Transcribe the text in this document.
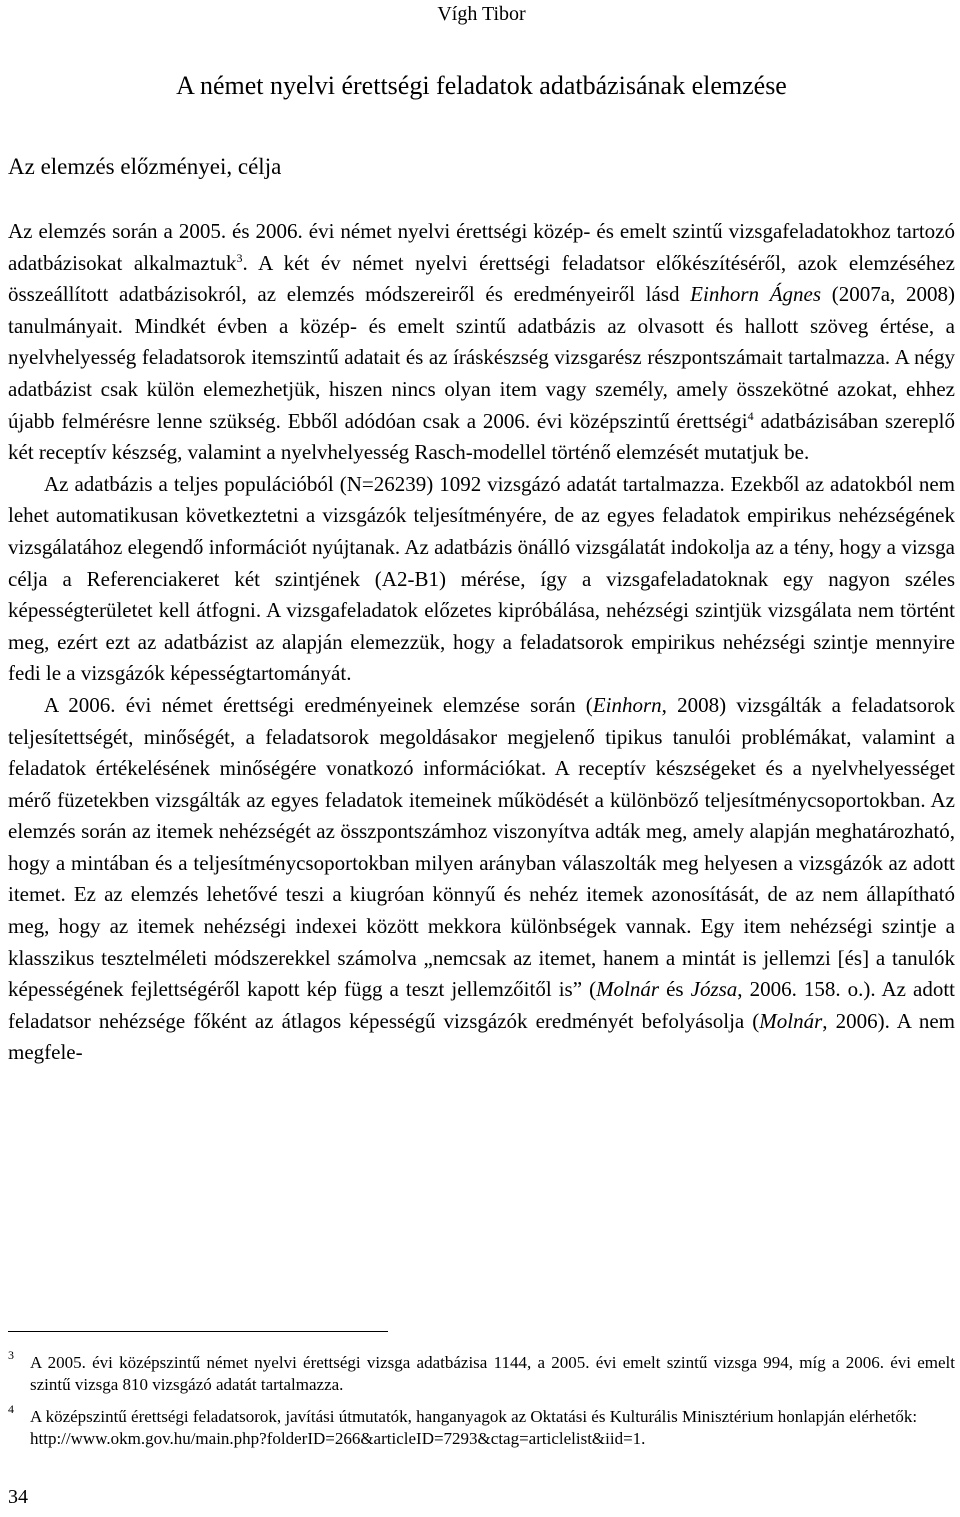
Vígh Tibor
A német nyelvi érettségi feladatok adatbázisának elemzése
Az elemzés előzményei, célja

Az elemzés során a 2005. és 2006. évi német nyelvi érettségi közép- és emelt szintű vizsgafeladatokhoz tartozó adatbázisokat alkalmaztuk$^3$. A két év német nyelvi érettségi feladatsor előkészítéséről, azok elemzéséhez összeállított adatbázisokról, az elemzés módszereiről és eredményeiről lásd Einhorn Ágnes (2007a, 2008) tanulmányait. Mindkét évben a közép- és emelt szintű adatbázis az olvasott és hallott szöveg értése, a nyelvhelyesség feladatsorok itemszintű adatait és az íráskészség vizsgarész részpontszámait tartalmazza. A négy adatbázist csak külön elemezhetjük, hiszen nincs olyan item vagy személy, amely összekötné azokat, ehhez újabb felmérésre lenne szükség. Ebből adódóan csak a 2006. évi középszintű érettségi$^4$ adatbázisában szereplő két receptív készség, valamint a nyelvhelyesség Rasch-modellel történő elemzését mutatjuk be.

Az adatbázis a teljes populációból (N=26239) 1092 vizsgázó adatát tartalmazza. Ezekből az adatokból nem lehet automatikusan következtetni a vizsgázók teljesítményére, de az egyes feladatok empirikus nehézségének vizsgálatához elegendő információt nyújtanak. Az adatbázis önálló vizsgálatát indokolja az a tény, hogy a vizsga célja a Referenciakeret két szintjének (A2-B1) mérése, így a vizsgafeladatoknak egy nagyon széles képességterületet kell átfogni. A vizsgafeladatok előzetes kipróbálása, nehézségi szintjük vizsgálata nem történt meg, ezért ezt az adatbázist az alapján elemezzük, hogy a feladatsorok empirikus nehézségi szintje mennyire fedi le a vizsgázók képességtartományát.

A 2006. évi német érettségi eredményeinek elemzése során (Einhorn, 2008) vizsgálták a feladatsorok teljesítettségét, minőségét, a feladatsorok megoldásakor megjelenő tipikus tanulói problémákat, valamint a feladatok értékelésének minőségére vonatkozó információkat. A receptív készségeket és a nyelvhelyességet mérő füzetekben vizsgálták az egyes feladatok itemeinek működését a különböző teljesítménycsoportokban. Az elemzés során az itemek nehézségét az összpontszámhoz viszonyítva adták meg, amely alapján meghatározható, hogy a mintában és a teljesítménycsoportokban milyen arányban válaszolták meg helyesen a vizsgázók az adott itemet. Ez az elemzés lehetővé teszi a kiugróan könnyű és nehéz itemek azonosítását, de az nem állapítható meg, hogy az itemek nehézségi indexei között mekkora különbségek vannak. Egy item nehézségi szintje a klasszikus tesztelméleti módszerekkel számolva „nemcsak az itemet, hanem a mintát is jellemzi [és] a tanulók képességének fejlettségéről kapott kép függ a teszt jellemzőitől is” (Molnár és Józsa, 2006. 158. o.). Az adott feladatsor nehézsége főként az átlagos képességű vizsgázók eredményét befolyásolja (Molnár, 2006). A nem megfele-

3 A 2005. évi középszintű német nyelvi érettségi vizsga adatbázisa 1144, a 2005. évi emelt szintű vizsga 994, míg a 2006. évi emelt szintű vizsga 810 vizsgázó adatát tartalmazza.
4 A középszintű érettségi feladatsorok, javítási útmutatók, hanganyagok az Oktatási és Kulturális Minisztérium honlapján elérhetők:
http://www.okm.gov.hu/main.php?folderID=266&articleID=7293&ctag=articlelist&iid=1.
34
